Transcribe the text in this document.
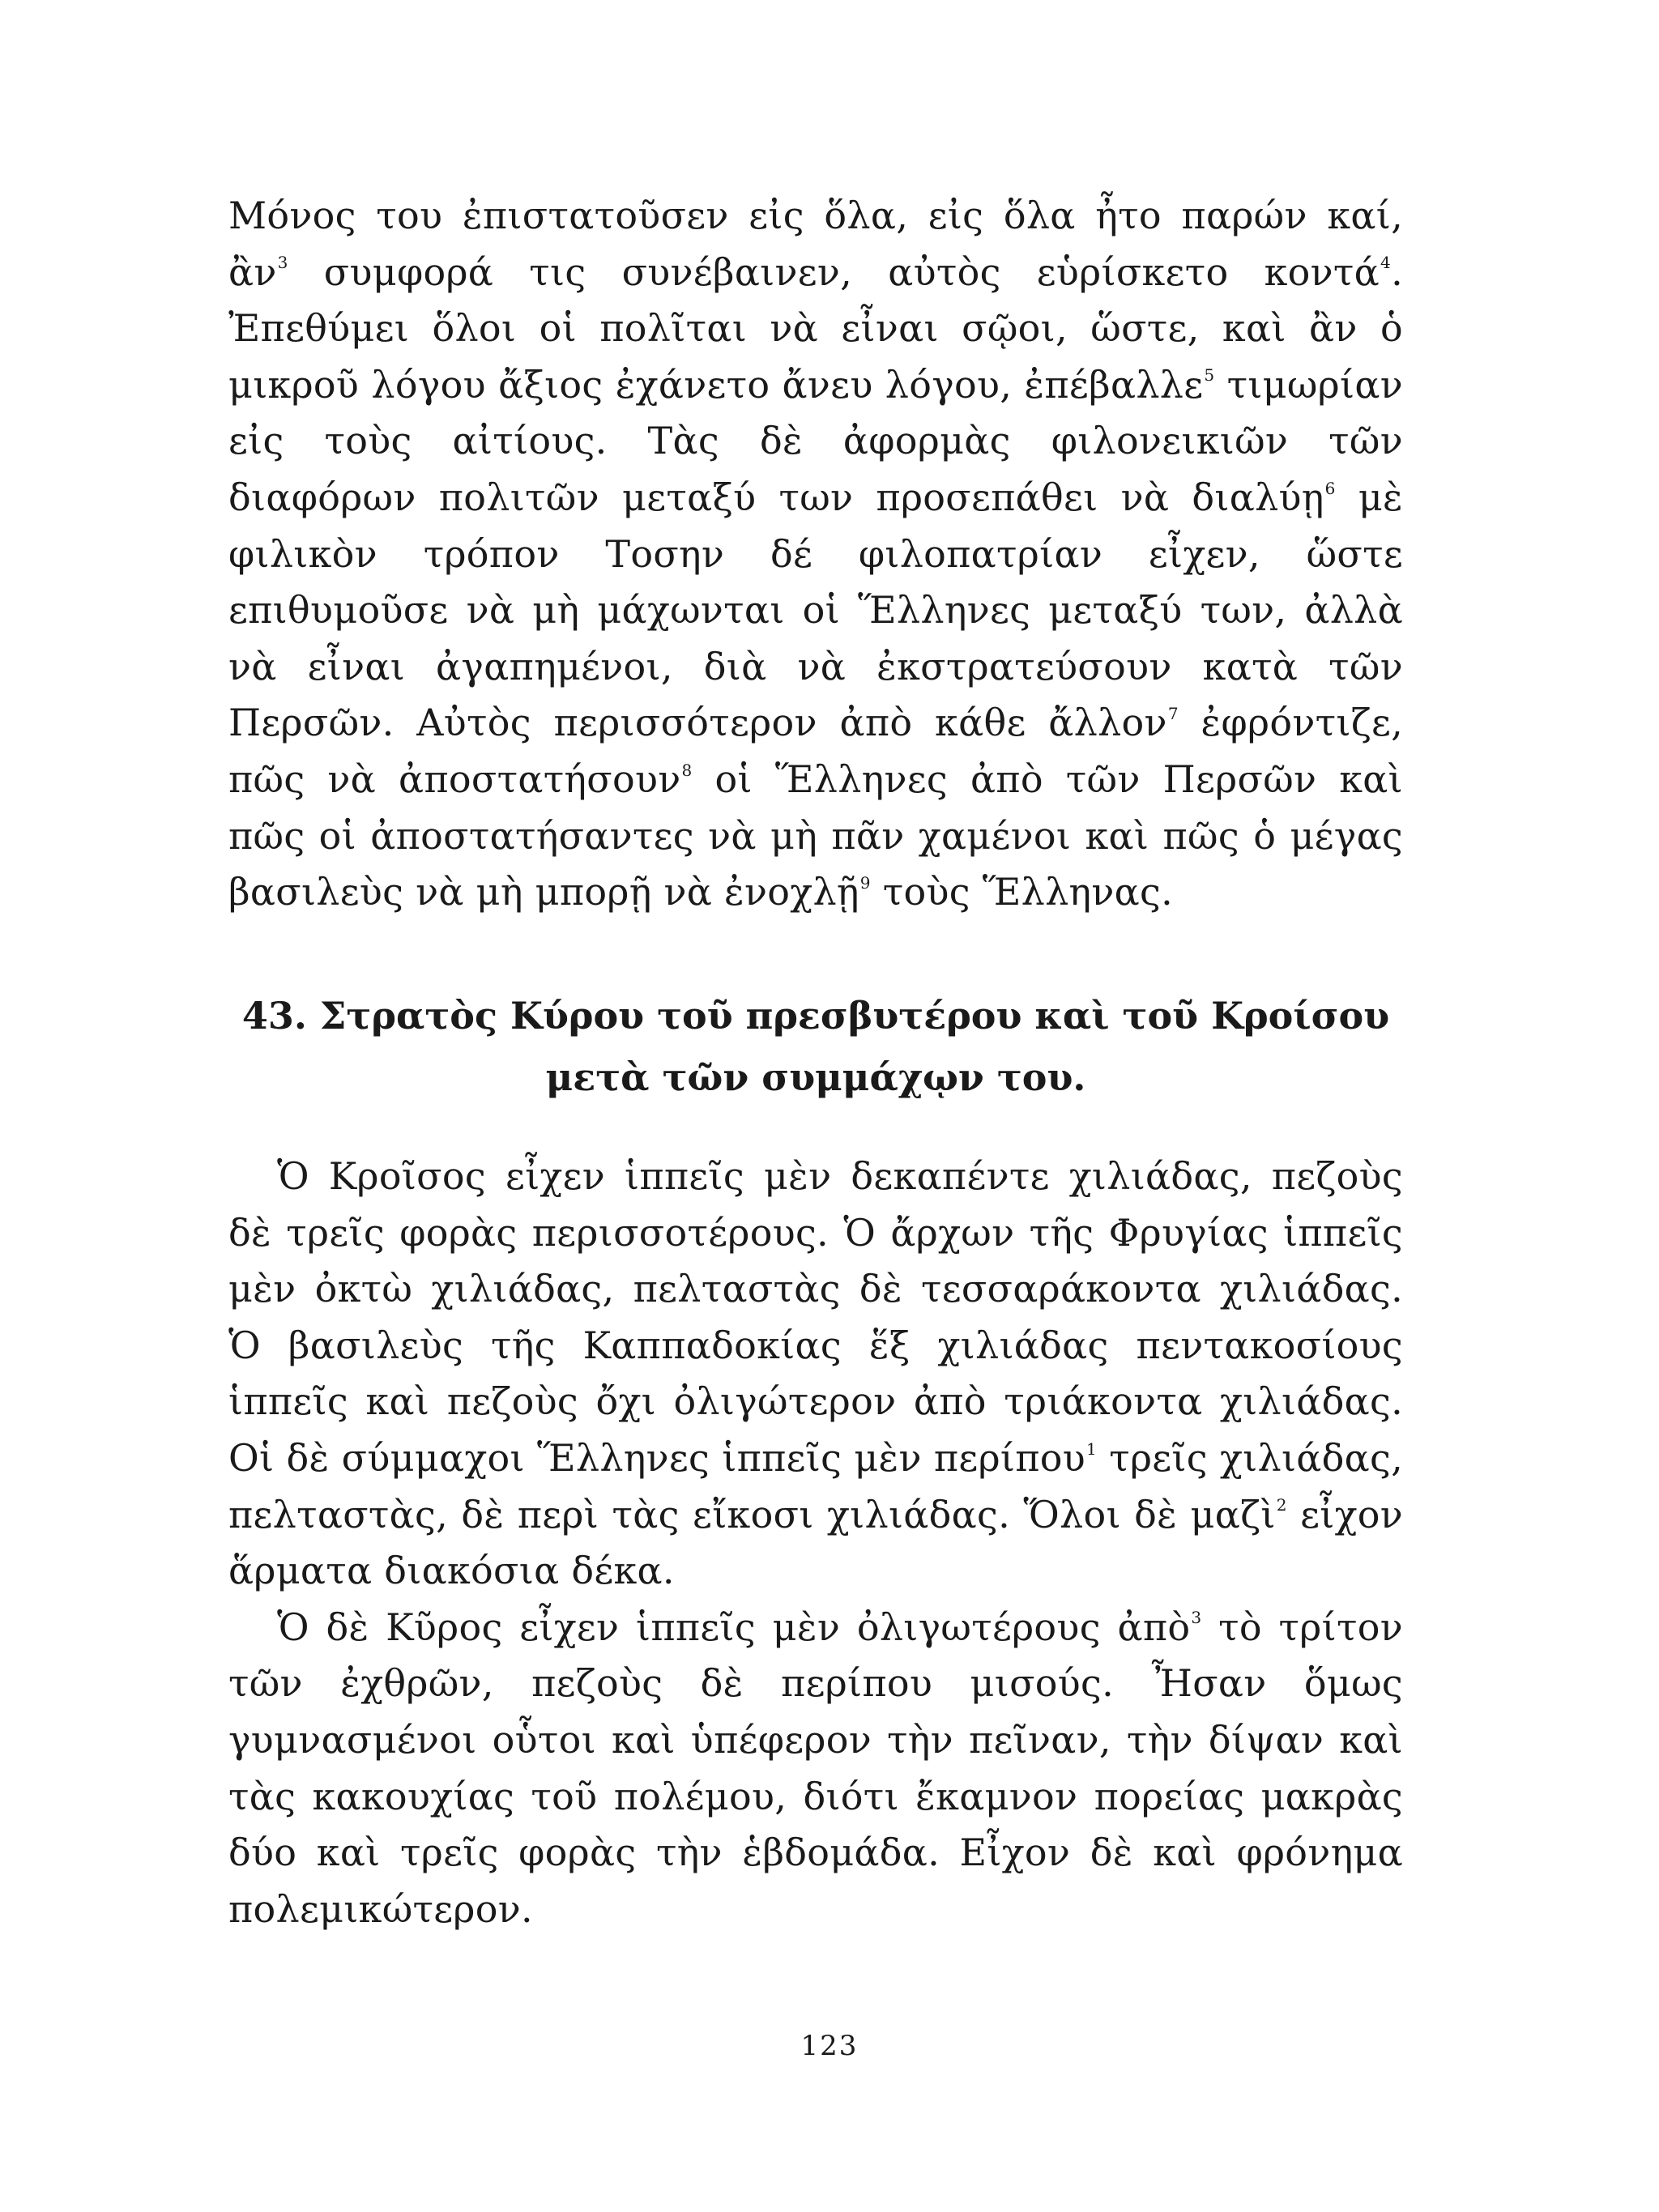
Μόνος του ἐπιστατοῦσεν εἰς ὅλα, εἰς ὅλα ἦτο παρών καί, ἂν$^3$ συμφορά τις συνέβαινεν, αὐτὸς εὑρίσκετο κοντά$^4$. Ἐπεθύμει ὅλοι οἱ πολῖται νὰ εἶναι σῷοι, ὥστε, καὶ ἂν ὁ μικροῦ λόγου ἄξιος ἐχάνετο ἄνευ λόγου, ἐπέβαλλε$^5$ τιμωρίαν εἰς τοὺς αἰτίους. Τὰς δὲ ἀφορμὰς φιλονεικιῶν τῶν διαφόρων πολιτῶν μεταξύ των προσεπάθει νὰ διαλύῃ$^6$ μὲ φιλικὸν τρόπον Τοσην δέ φιλοπατρίαν εἶχεν, ὥστε επιθυμοῦσε νὰ μὴ μάχωνται οἱ Ἕλληνες μεταξύ των, ἀλλὰ νὰ εἶναι ἀγαπημένοι, διὰ νὰ ἐκστρατεύσουν κατὰ τῶν Περσῶν. Αὐτὸς περισσότερον ἀπὸ κάθε ἄλλον$^7$ ἐφρόντιζε, πῶς νὰ ἀποστατήσουν$^8$ οἱ Ἕλληνες ἀπὸ τῶν Περσῶν καὶ πῶς οἱ ἀποστατήσαντες νὰ μὴ πᾶν χαμένοι καὶ πῶς ὁ μέγας βασιλεὺς νὰ μὴ μπορῇ νὰ ἐνοχλῇ$^9$ τοὺς Ἕλληνας.

43. Στρατὸς Κύρου τοῦ πρεσβυτέρου καὶ τοῦ Κροίσου
μετὰ τῶν συμμάχῳν του.

Ὁ Κροῖσος εἶχεν ἱππεῖς μὲν δεκαπέντε χιλιάδας, πεζοὺς δὲ τρεῖς φορὰς περισσοτέρους. Ὁ ἄρχων τῆς Φρυγίας ἱππεῖς μὲν ὀκτὼ χιλιάδας, πελταστὰς δὲ τεσσαράκοντα χιλιάδας. Ὁ βασιλεὺς τῆς Καππαδοκίας ἕξ χιλιάδας πεντακοσίους ἱππεῖς καὶ πεζοὺς ὄχι ὀλιγώτερον ἀπὸ τριάκοντα χιλιάδας. Οἱ δὲ σύμμαχοι Ἕλληνες ἱππεῖς μὲν περίπου$^1$ τρεῖς χιλιάδας, πελταστὰς, δὲ περὶ τὰς εἴκοσι χιλιάδας. Ὅλοι δὲ μαζὶ$^2$ εἶχον ἅρματα διακόσια δέκα.

Ὁ δὲ Κῦρος εἶχεν ἱππεῖς μὲν ὀλιγωτέρους ἀπὸ$^3$ τὸ τρίτον τῶν ἐχθρῶν, πεζοὺς δὲ περίπου μισούς. Ἦσαν ὅμως γυμνασμένοι οὗτοι καὶ ὑπέφερον τὴν πεῖναν, τὴν δίψαν καὶ τὰς κακουχίας τοῦ πολέμου, διότι ἔκαμνον πορείας μακρὰς δύο καὶ τρεῖς φορὰς τὴν ἑβδομάδα. Εἶχον δὲ καὶ φρόνημα πολεμικώτερον.

123
